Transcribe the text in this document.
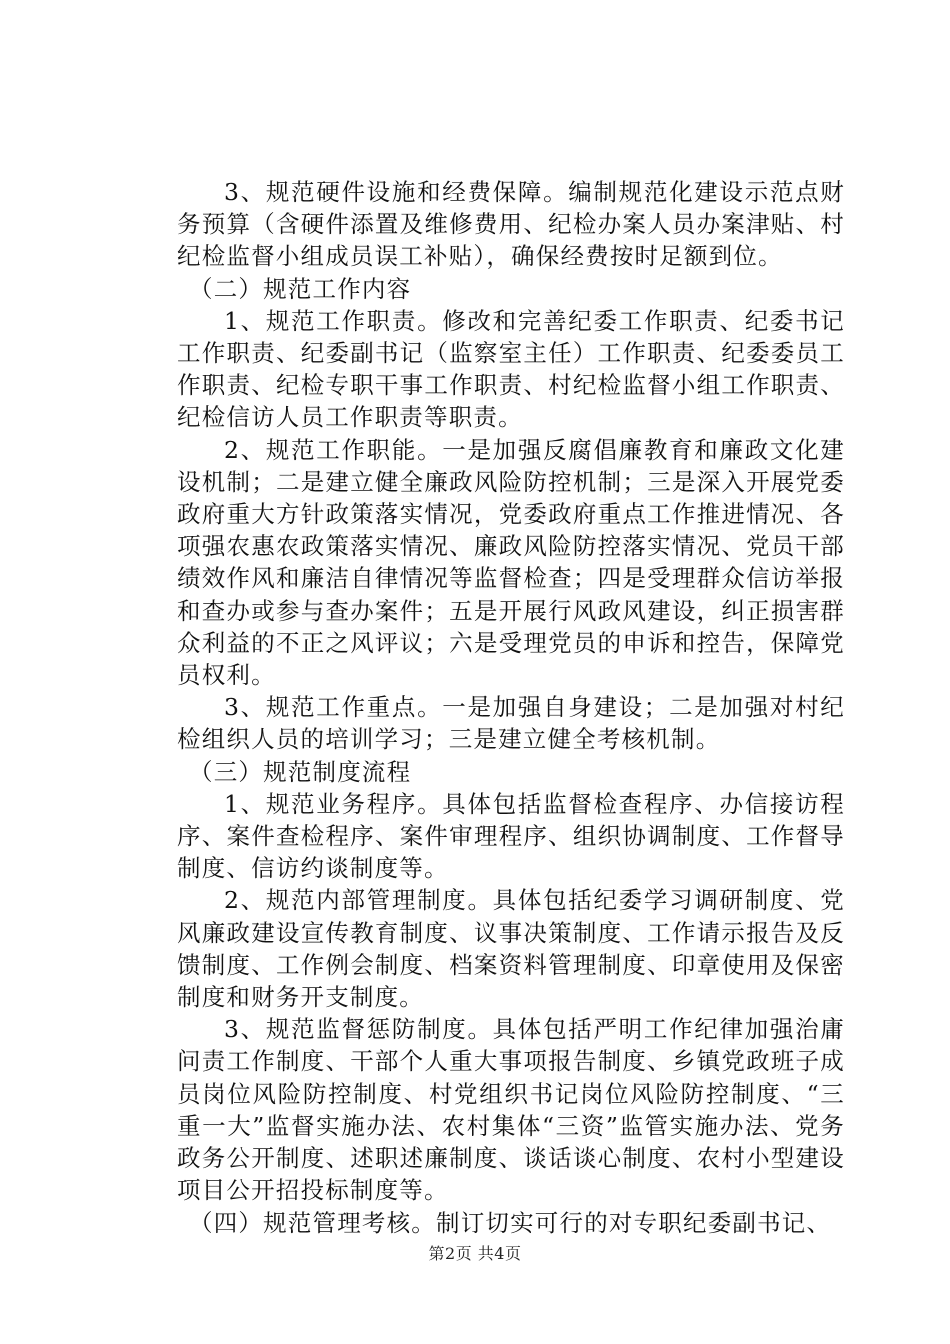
3、规范硬件设施和经费保障。编制规范化建设示范点财务预算（含硬件添置及维修费用、纪检办案人员办案津贴、村纪检监督小组成员误工补贴），确保经费按时足额到位。

（二）规范工作内容

1、规范工作职责。修改和完善纪委工作职责、纪委书记工作职责、纪委副书记（监察室主任）工作职责、纪委委员工作职责、纪检专职干事工作职责、村纪检监督小组工作职责、纪检信访人员工作职责等职责。

2、规范工作职能。一是加强反腐倡廉教育和廉政文化建设机制；二是建立健全廉政风险防控机制；三是深入开展党委政府重大方针政策落实情况，党委政府重点工作推进情况、各项强农惠农政策落实情况、廉政风险防控落实情况、党员干部绩效作风和廉洁自律情况等监督检查；四是受理群众信访举报和查办或参与查办案件；五是开展行风政风建设，纠正损害群众利益的不正之风评议；六是受理党员的申诉和控告，保障党员权利。

3、规范工作重点。一是加强自身建设；二是加强对村纪检组织人员的培训学习；三是建立健全考核机制。

（三）规范制度流程

1、规范业务程序。具体包括监督检查程序、办信接访程序、案件查检程序、案件审理程序、组织协调制度、工作督导制度、信访约谈制度等。

2、规范内部管理制度。具体包括纪委学习调研制度、党风廉政建设宣传教育制度、议事决策制度、工作请示报告及反馈制度、工作例会制度、档案资料管理制度、印章使用及保密制度和财务开支制度。

3、规范监督惩防制度。具体包括严明工作纪律加强治庸问责工作制度、干部个人重大事项报告制度、乡镇党政班子成员岗位风险防控制度、村党组织书记岗位风险防控制度、“三重一大”监督实施办法、农村集体“三资”监管实施办法、党务政务公开制度、述职述廉制度、谈话谈心制度、农村小型建设项目公开招投标制度等。

（四）规范管理考核。制订切实可行的对专职纪委副书记、

第2页 共4页
